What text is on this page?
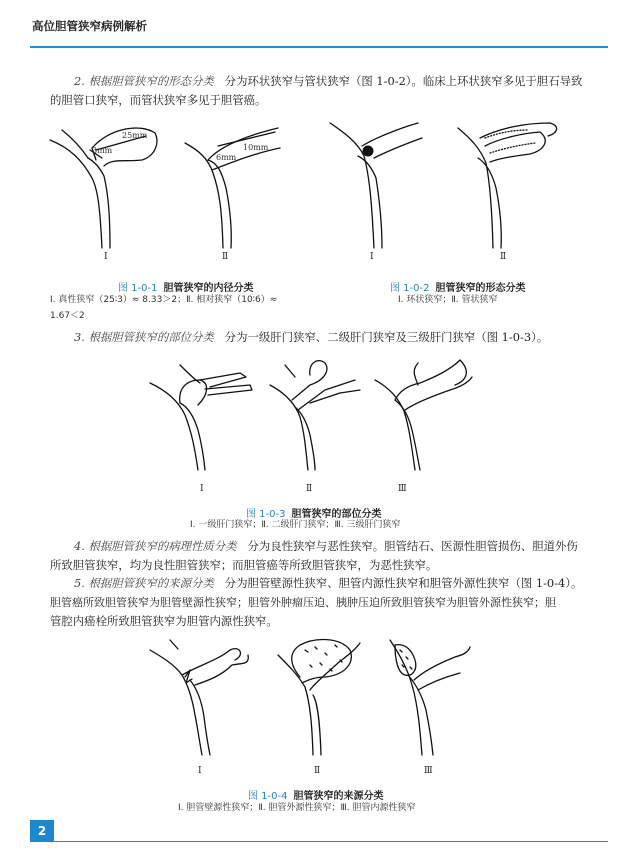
高位胆管狭窄病例解析
2. 根据胆管狭窄的形态分类 分为环状狭窄与管状狭窄（图 1-0-2）。临床上环状狭窄多见于胆石导致
的胆管口狭窄，而管状狭窄多见于胆管癌。
25mm
3mm	10mm
6mm
Ⅰ	Ⅱ	Ⅰ	Ⅱ
图 1-0-1 胆管狭窄的内径分类
Ⅰ. 真性狭窄（25∶3）≈ 8.33＞2；Ⅱ. 相对狭窄（10∶6）≈
1.67＜2
图 1-0-2 胆管狭窄的形态分类
Ⅰ. 环状狭窄；Ⅱ. 管状狭窄
3. 根据胆管狭窄的部位分类 分为一级肝门狭窄、二级肝门狭窄及三级肝门狭窄（图 1-0-3）。
Ⅰ	Ⅱ	Ⅲ
图 1-0-3 胆管狭窄的部位分类
Ⅰ. 一级肝门狭窄；Ⅱ. 二级肝门狭窄；Ⅲ. 三级肝门狭窄
4. 根据胆管狭窄的病理性质分类 分为良性狭窄与恶性狭窄。胆管结石、医源性胆管损伤、胆道外伤
所致胆管狭窄，均为良性胆管狭窄；而胆管癌等所致胆管狭窄，为恶性狭窄。
5. 根据胆管狭窄的来源分类 分为胆管壁源性狭窄、胆管内源性狭窄和胆管外源性狭窄（图 1-0-4）。
胆管癌所致胆管狭窄为胆管壁源性狭窄；胆管外肿瘤压迫、胰肿压迫所致胆管狭窄为胆管外源性狭窄；胆
管腔内癌栓所致胆管狭窄为胆管内源性狭窄。
Ⅰ	Ⅱ	Ⅲ
图 1-0-4 胆管狭窄的来源分类
Ⅰ. 胆管壁源性狭窄；Ⅱ. 胆管外源性狭窄；Ⅲ. 胆管内源性狭窄
2
